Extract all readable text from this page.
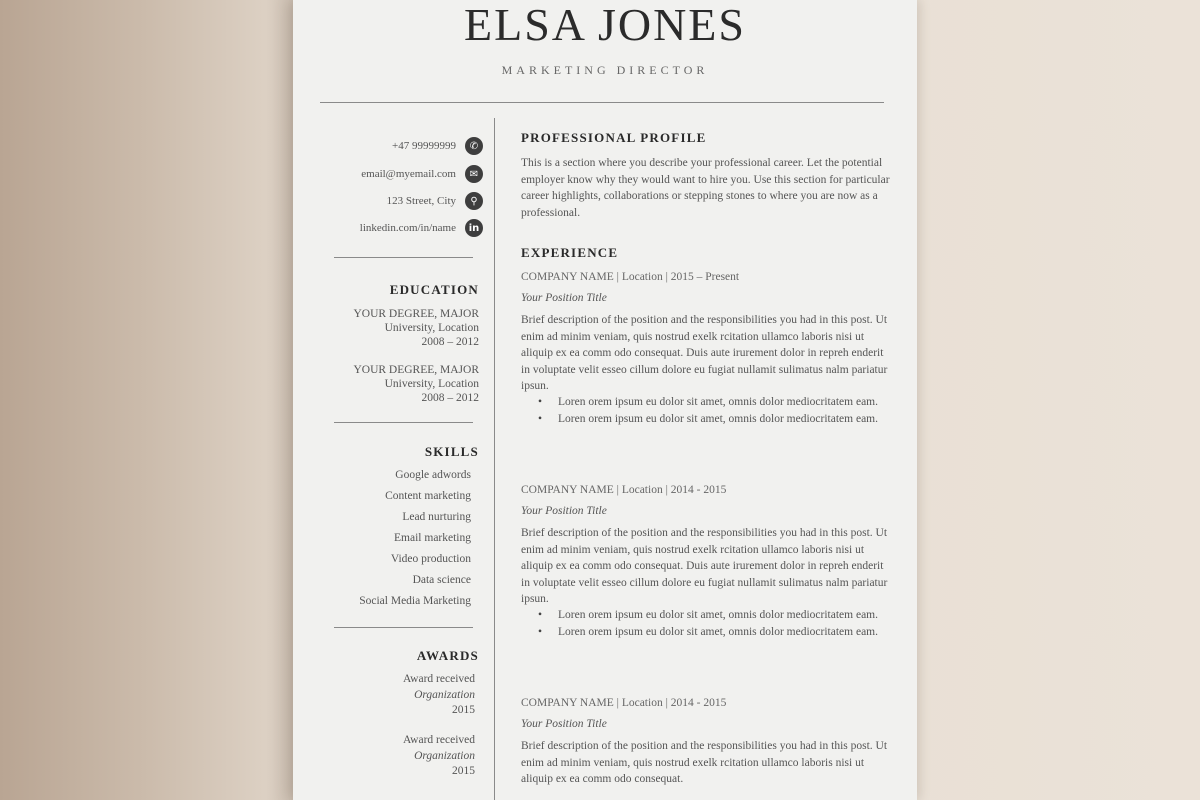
ELSA JONES
MARKETING DIRECTOR
+47 99999999	✆
email@myemail.com	✉
123 Street, City	⚲
linkedin.com/in/name	in
EDUCATION
YOUR DEGREE, MAJOR
University, Location
2008 – 2012
YOUR DEGREE, MAJOR
University, Location
2008 – 2012
SKILLS
Google adwords
Content marketing
Lead nurturing
Email marketing
Video production
Data science
Social Media Marketing
AWARDS
Award received
Organization
2015
Award received
Organization
2015
PROFESSIONAL PROFILE
This is a section where you describe your professional career. Let the potential employer know why they would want to hire you. Use this section for particular career highlights, collaborations or stepping stones to where you are now as a professional.
EXPERIENCE
COMPANY NAME | Location | 2015 – Present
Your Position Title
Brief description of the position and the responsibilities you had in this post. Ut enim ad minim veniam, quis nostrud exelk rcitation ullamco laboris nisi ut aliquip ex ea comm odo consequat. Duis aute irurement dolor in repreh enderit in voluptate velit esseo cillum dolore eu fugiat nullamit sulimatus nalm pariatur ipsun.
• Loren orem ipsum eu dolor sit amet, omnis dolor mediocritatem eam.
• Loren orem ipsum eu dolor sit amet, omnis dolor mediocritatem eam.
COMPANY NAME | Location | 2014 - 2015
Your Position Title
Brief description of the position and the responsibilities you had in this post. Ut enim ad minim veniam, quis nostrud exelk rcitation ullamco laboris nisi ut aliquip ex ea comm odo consequat. Duis aute irurement dolor in repreh enderit in voluptate velit esseo cillum dolore eu fugiat nullamit sulimatus nalm pariatur ipsun.
• Loren orem ipsum eu dolor sit amet, omnis dolor mediocritatem eam.
• Loren orem ipsum eu dolor sit amet, omnis dolor mediocritatem eam.
COMPANY NAME | Location | 2014 - 2015
Your Position Title
Brief description of the position and the responsibilities you had in this post. Ut enim ad minim veniam, quis nostrud exelk rcitation ullamco laboris nisi ut aliquip ex ea comm odo consequat.
